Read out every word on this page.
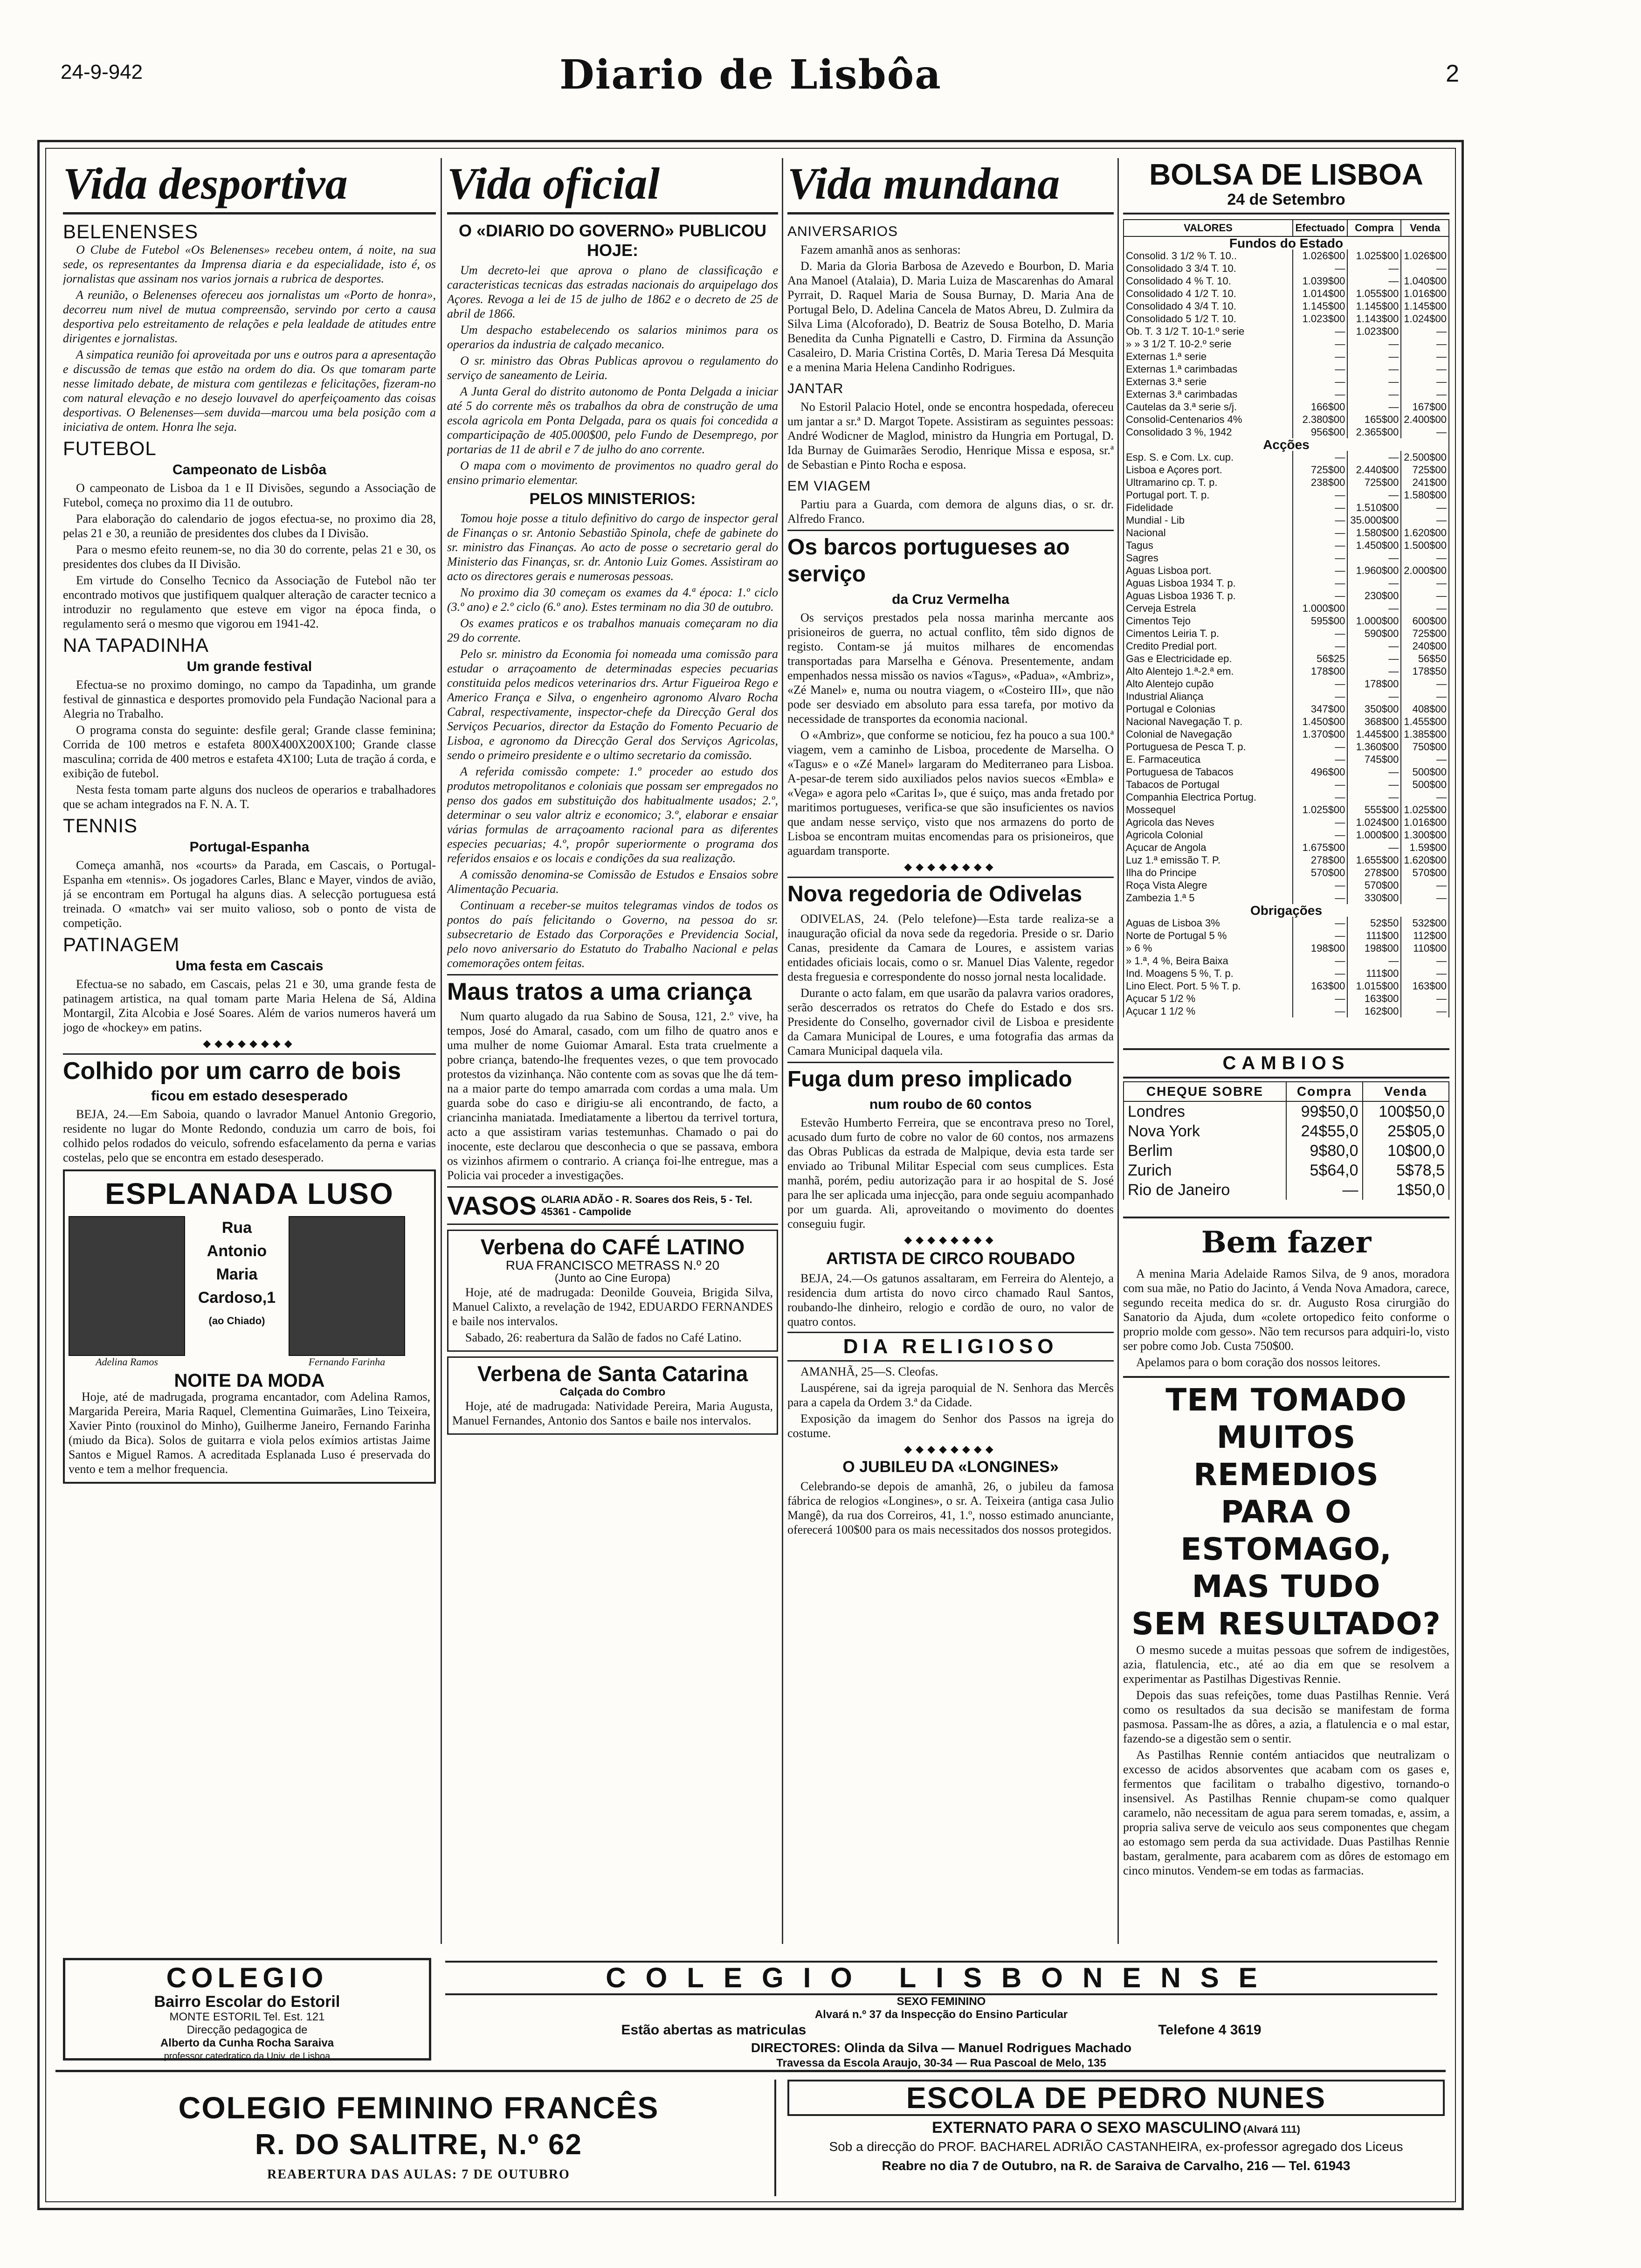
24-9-942	Diario de Lisbôa	2
Vida desportiva
BELENENSES

O Clube de Futebol «Os Belenenses» recebeu ontem, á noite, na sua sede, os representantes da Imprensa diaria e da especialidade, isto é, os jornalistas que assinam nos varios jornais a rubrica de desportes.

A reunião, o Belenenses ofereceu aos jornalistas um «Porto de honra», decorreu num nivel de mutua compreensão, servindo por certo a causa desportiva pelo estreitamento de relações e pela lealdade de atitudes entre dirigentes e jornalistas.

A simpatica reunião foi aproveitada por uns e outros para a apresentação e discussão de temas que estão na ordem do dia. Os que tomaram parte nesse limitado debate, de mistura com gentilezas e felicitações, fizeram-no com natural elevação e no desejo louvavel do aperfeiçoamento das coisas desportivas. O Belenenses—sem duvida—marcou uma bela posição com a iniciativa de ontem. Honra lhe seja.

FUTEBOL
Campeonato de Lisbôa

O campeonato de Lisboa da 1 e II Divisões, segundo a Associação de Futebol, começa no proximo dia 11 de outubro.

Para elaboração do calendario de jogos efectua-se, no proximo dia 28, pelas 21 e 30, a reunião de presidentes dos clubes da I Divisão.

Para o mesmo efeito reunem-se, no dia 30 do corrente, pelas 21 e 30, os presidentes dos clubes da II Divisão.

Em virtude do Conselho Tecnico da Associação de Futebol não ter encontrado motivos que justifiquem qualquer alteração de caracter tecnico a introduzir no regulamento que esteve em vigor na época finda, o regulamento será o mesmo que vigorou em 1941-42.

NA TAPADINHA
Um grande festival

Efectua-se no proximo domingo, no campo da Tapadinha, um grande festival de ginnastica e desportes promovido pela Fundação Nacional para a Alegria no Trabalho.

O programa consta do seguinte: desfile geral; Grande classe feminina; Corrida de 100 metros e estafeta 800X400X200X100; Grande classe masculina; corrida de 400 metros e estafeta 4X100; Luta de tração á corda, e exibição de futebol.

Nesta festa tomam parte alguns dos nucleos de operarios e trabalhadores que se acham integrados na F. N. A. T.

TENNIS
Portugal-Espanha

Começa amanhã, nos «courts» da Parada, em Cascais, o Portugal-Espanha em «tennis». Os jogadores Carles, Blanc e Mayer, vindos de avião, já se encontram em Portugal ha alguns dias. A selecção portuguesa está treinada. O «match» vai ser muito valioso, sob o ponto de vista de competição.

PATINAGEM
Uma festa em Cascais

Efectua-se no sabado, em Cascais, pelas 21 e 30, uma grande festa de patinagem artistica, na qual tomam parte Maria Helena de Sá, Aldina Montargil, Zita Alcobia e José Soares. Além de varios numeros haverá um jogo de «hockey» em patins.

◆◆◆◆◆◆◆◆
Colhido por um carro de bois
ficou em estado desesperado

BEJA, 24.—Em Saboia, quando o lavrador Manuel Antonio Gregorio, residente no lugar do Monte Redondo, conduzia um carro de bois, foi colhido pelos rodados do veiculo, sofrendo esfacelamento da perna e varias costelas, pelo que se encontra em estado desesperado.

ESPLANADA LUSO
Adelina Ramos
Rua
Antonio
Maria
Cardoso,1
(ao Chiado)
Fernando Farinha
NOITE DA MODA

Hoje, até de madrugada, programa encantador, com Adelina Ramos, Margarida Pereira, Maria Raquel, Clementina Guimarães, Lino Teixeira, Xavier Pinto (rouxinol do Minho), Guilherme Janeiro, Fernando Farinha (miudo da Bica). Solos de guitarra e viola pelos exímios artistas Jaime Santos e Miguel Ramos. A acreditada Esplanada Luso é preservada do vento e tem a melhor frequencia.

Vida oficial
O «DIARIO DO GOVERNO» PUBLICOU HOJE:

Um decreto-lei que aprova o plano de classificação e caracteristicas tecnicas das estradas nacionais do arquipelago dos Açores. Revoga a lei de 15 de julho de 1862 e o decreto de 25 de abril de 1866.

Um despacho estabelecendo os salarios minimos para os operarios da industria de calçado mecanico.

O sr. ministro das Obras Publicas aprovou o regulamento do serviço de saneamento de Leiria.

A Junta Geral do distrito autonomo de Ponta Delgada a iniciar até 5 do corrente mês os trabalhos da obra de construção de uma escola agricola em Ponta Delgada, para os quais foi concedida a comparticipação de 405.000$00, pelo Fundo de Desemprego, por portarias de 11 de abril e 7 de julho do ano corrente.

O mapa com o movimento de provimentos no quadro geral do ensino primario elementar.

PELOS MINISTERIOS:

Tomou hoje posse a titulo definitivo do cargo de inspector geral de Finanças o sr. Antonio Sebastião Spinola, chefe de gabinete do sr. ministro das Finanças. Ao acto de posse o secretario geral do Ministerio das Finanças, sr. dr. Antonio Luiz Gomes. Assistiram ao acto os directores gerais e numerosas pessoas.

No proximo dia 30 começam os exames da 4.ª época: 1.º ciclo (3.º ano) e 2.º ciclo (6.º ano). Estes terminam no dia 30 de outubro.

Os exames praticos e os trabalhos manuais começaram no dia 29 do corrente.

Pelo sr. ministro da Economia foi nomeada uma comissão para estudar o arraçoamento de determinadas especies pecuarias constituida pelos medicos veterinarios drs. Artur Figueiroa Rego e Americo França e Silva, o engenheiro agronomo Alvaro Rocha Cabral, respectivamente, inspector-chefe da Direcção Geral dos Serviços Pecuarios, director da Estação do Fomento Pecuario de Lisboa, e agronomo da Direcção Geral dos Serviços Agricolas, sendo o primeiro presidente e o ultimo secretario da comissão.

A referida comissão compete: 1.º proceder ao estudo dos produtos metropolitanos e coloniais que possam ser empregados no penso dos gados em substituição dos habitualmente usados; 2.º, determinar o seu valor altriz e economico; 3.º, elaborar e ensaiar várias formulas de arraçoamento racional para as diferentes especies pecuarias; 4.º, propôr superiormente o programa dos referidos ensaios e os locais e condições da sua realização.

A comissão denomina-se Comissão de Estudos e Ensaios sobre Alimentação Pecuaria.

Continuam a receber-se muitos telegramas vindos de todos os pontos do país felicitando o Governo, na pessoa do sr. subsecretario de Estado das Corporações e Previdencia Social, pelo novo aniversario do Estatuto do Trabalho Nacional e pelas comemorações ontem feitas.

Maus tratos a uma criança

Num quarto alugado da rua Sabino de Sousa, 121, 2.º vive, ha tempos, José do Amaral, casado, com um filho de quatro anos e uma mulher de nome Guiomar Amaral. Esta trata cruelmente a pobre criança, batendo-lhe frequentes vezes, o que tem provocado protestos da vizinhança. Não contente com as sovas que lhe dá tem-na a maior parte do tempo amarrada com cordas a uma mala. Um guarda sobe do caso e dirigiu-se ali encontrando, de facto, a criancinha maniatada. Imediatamente a libertou da terrivel tortura, acto a que assistiram varias testemunhas. Chamado o pai do inocente, este declarou que desconhecia o que se passava, embora os vizinhos afirmem o contrario. A criança foi-lhe entregue, mas a Policia vai proceder a investigações.

VASOS OLARIA ADÃO - R. Soares dos Reis, 5 - Tel. 45361 - Campolide
Verbena do CAFÉ LATINO
RUA FRANCISCO METRASS N.º 20
(Junto ao Cine Europa)

Hoje, até de madrugada: Deonilde Gouveia, Brigida Silva, Manuel Calixto, a revelação de 1942, EDUARDO FERNANDES e baile nos intervalos.

Sabado, 26: reabertura da Salão de fados no Café Latino.

Verbena de Santa Catarina
Calçada do Combro

Hoje, até de madrugada: Natividade Pereira, Maria Augusta, Manuel Fernandes, Antonio dos Santos e baile nos intervalos.

Vida mundana
ANIVERSARIOS

Fazem amanhã anos as senhoras:

D. Maria da Gloria Barbosa de Azevedo e Bourbon, D. Maria Ana Manoel (Atalaia), D. Maria Luiza de Mascarenhas do Amaral Pyrrait, D. Raquel Maria de Sousa Burnay, D. Maria Ana de Portugal Belo, D. Adelina Cancela de Matos Abreu, D. Zulmira da Silva Lima (Alcoforado), D. Beatriz de Sousa Botelho, D. Maria Benedita da Cunha Pignatelli e Castro, D. Firmina da Assunção Casaleiro, D. Maria Cristina Cortês, D. Maria Teresa Dá Mesquita e a menina Maria Helena Candinho Rodrigues.

JANTAR

No Estoril Palacio Hotel, onde se encontra hospedada, ofereceu um jantar a sr.ª D. Margot Topete. Assistiram as seguintes pessoas: André Wodicner de Maglod, ministro da Hungria em Portugal, D. Ida Burnay de Guimarães Serodio, Henrique Missa e esposa, sr.ª de Sebastian e Pinto Rocha e esposa.

EM VIAGEM

Partiu para a Guarda, com demora de alguns dias, o sr. dr. Alfredo Franco.

Os barcos portugueses ao serviço
da Cruz Vermelha

Os serviços prestados pela nossa marinha mercante aos prisioneiros de guerra, no actual conflito, têm sido dignos de registo. Contam-se já muitos milhares de encomendas transportadas para Marselha e Génova. Presentemente, andam empenhados nessa missão os navios «Tagus», «Padua», «Ambriz», «Zé Manel» e, numa ou noutra viagem, o «Costeiro III», que não pode ser desviado em absoluto para essa tarefa, por motivo da necessidade de transportes da economia nacional.

O «Ambriz», que conforme se noticiou, fez ha pouco a sua 100.ª viagem, vem a caminho de Lisboa, procedente de Marselha. O «Tagus» e o «Zé Manel» largaram do Mediterraneo para Lisboa. A-pesar-de terem sido auxiliados pelos navios suecos «Embla» e «Vega» e agora pelo «Caritas I», que é suiço, mas anda fretado por maritimos portugueses, verifica-se que são insuficientes os navios que andam nesse serviço, visto que nos armazens do porto de Lisboa se encontram muitas encomendas para os prisioneiros, que aguardam transporte.

◆◆◆◆◆◆◆◆
Nova regedoria de Odivelas

ODIVELAS, 24. (Pelo telefone)—Esta tarde realiza-se a inauguração oficial da nova sede da regedoria. Preside o sr. Dario Canas, presidente da Camara de Loures, e assistem varias entidades oficiais locais, como o sr. Manuel Dias Valente, regedor desta freguesia e correspondente do nosso jornal nesta localidade.

Durante o acto falam, em que usarão da palavra varios oradores, serão descerrados os retratos do Chefe do Estado e dos srs. Presidente do Conselho, governador civil de Lisboa e presidente da Camara Municipal de Loures, e uma fotografia das armas da Camara Municipal daquela vila.

Fuga dum preso implicado
num roubo de 60 contos

Estevão Humberto Ferreira, que se encontrava preso no Torel, acusado dum furto de cobre no valor de 60 contos, nos armazens das Obras Publicas da estrada de Malpique, devia esta tarde ser enviado ao Tribunal Militar Especial com seus cumplices. Esta manhã, porém, pediu autorização para ir ao hospital de S. José para lhe ser aplicada uma injecção, para onde seguiu acompanhado por um guarda. Ali, aproveitando o movimento do doentes conseguiu fugir.

◆◆◆◆◆◆◆◆
ARTISTA DE CIRCO ROUBADO

BEJA, 24.—Os gatunos assaltaram, em Ferreira do Alentejo, a residencia dum artista do novo circo chamado Raul Santos, roubando-lhe dinheiro, relogio e cordão de ouro, no valor de quatro contos.

DIA RELIGIOSO

AMANHÃ, 25—S. Cleofas.

Lauspérene, sai da igreja paroquial de N. Senhora das Mercês para a capela da Ordem 3.ª da Cidade.

Exposição da imagem do Senhor dos Passos na igreja do costume.

◆◆◆◆◆◆◆◆
O JUBILEU DA «LONGINES»

Celebrando-se depois de amanhã, 26, o jubileu da famosa fábrica de relogios «Longines», o sr. A. Teixeira (antiga casa Julio Mangê), da rua dos Correiros, 41, 1.º, nosso estimado anunciante, oferecerá 100$00 para os mais necessitados dos nossos protegidos.

BOLSA DE LISBOA
24 de Setembro
VALORES	Efectuado	Compra	Venda
Fundos do Estado			
Consolid. 3 1/2 % T. 10..	1.026$00	1.025$00	1.026$00
Consolidado 3 3/4 T. 10.	—	—	—
Consolidado 4 % T. 10.	1.039$00	—	1.040$00
Consolidado 4 1/2 T. 10.	1.014$00	1.055$00	1.016$00
Consolidado 4 3/4 T. 10.	1.145$00	1.145$00	1.145$00
Consolidado 5 1/2 T. 10.	1.023$00	1.143$00	1.024$00
Ob. T. 3 1/2 T. 10-1.º serie	—	1.023$00	—
» » 3 1/2 T. 10-2.º serie	—	—	—
Externas 1.ª serie	—	—	—
Externas 1.ª carimbadas	—	—	—
Externas 3.ª serie	—	—	—
Externas 3.ª carimbadas	—	—	—
Cautelas da 3.ª serie s/j.	166$00	—	167$00
Consolid-Centenarios 4%	2.380$00	165$00	2.400$00
Consolidado 3 %, 1942	956$00	2.365$00	—
Acções			
Esp. S. e Com. Lx. cup.	—	—	2.500$00
Lisboa e Açores port.	725$00	2.440$00	725$00
Ultramarino cp. T. p.	238$00	725$00	241$00
Portugal port. T. p.	—	—	1.580$00
Fidelidade	—	1.510$00	—
Mundial - Lib	—	35.000$00	—
Nacional	—	1.580$00	1.620$00
Tagus	—	1.450$00	1.500$00
Sagres	—	—	—
Aguas Lisboa port.	—	1.960$00	2.000$00
Aguas Lisboa 1934 T. p.	—	—	—
Aguas Lisboa 1936 T. p.	—	230$00	—
Cerveja Estrela	1.000$00	—	—
Cimentos Tejo	595$00	1.000$00	600$00
Cimentos Leiria T. p.	—	590$00	725$00
Credito Predial port.	—	—	240$00
Gas e Electricidade ep.	56$25	—	56$50
Alto Alentejo 1.ª-2.ª em.	178$00	—	178$50
Alto Alentejo cupão	—	178$00	—
Industrial Aliança	—	—	—
Portugal e Colonias	347$00	350$00	408$00
Nacional Navegação T. p.	1.450$00	368$00	1.455$00
Colonial de Navegação	1.370$00	1.445$00	1.385$00
Portuguesa de Pesca T. p.	—	1.360$00	750$00
E. Farmaceutica	—	745$00	—
Portuguesa de Tabacos	496$00	—	500$00
Tabacos de Portugal	—	—	500$00
Companhia Electrica Portug.	—	—	—
Mossequel	1.025$00	555$00	1.025$00
Agricola das Neves	—	1.024$00	1.016$00
Agricola Colonial	—	1.000$00	1.300$00
Açucar de Angola	1.675$00	—	1.59$00
Luz 1.ª emissão T. P.	278$00	1.655$00	1.620$00
Ilha do Principe	570$00	278$00	570$00
Roça Vista Alegre	—	570$00	—
Zambezia 1.ª 5	—	330$00	—
Obrigações			
Aguas de Lisboa 3%	—	52$50	532$00
Norte de Portugal 5 %	—	111$00	112$00
» 6 %	198$00	198$00	110$00
» 1.ª, 4 %, Beira Baixa	—	—	—
Ind. Moagens 5 %, T. p.	—	111$00	—
Lino Elect. Port. 5 % T. p.	163$00	1.015$00	163$00
Açucar 5 1/2 %	—	163$00	—
Açucar 1 1/2 %	—	162$00	—
CAMBIOS
CHEQUE SOBRE	Compra	Venda
Londres	99$50,0	100$50,0
Nova York	24$55,0	25$05,0
Berlim	9$80,0	10$00,0
Zurich	5$64,0	5$78,5
Rio de Janeiro	—	1$50,0
Bem fazer

A menina Maria Adelaide Ramos Silva, de 9 anos, moradora com sua mãe, no Patio do Jacinto, á Venda Nova Amadora, carece, segundo receita medica do sr. dr. Augusto Rosa cirurgião do Sanatorio da Ajuda, dum «colete ortopedico feito conforme o proprio molde com gesso». Não tem recursos para adquiri-lo, visto ser pobre como Job. Custa 750$00.

Apelamos para o bom coração dos nossos leitores.

TEM TOMADO MUITOS
REMEDIOS
PARA O ESTOMAGO,
MAS TUDO
SEM RESULTADO?

O mesmo sucede a muitas pessoas que sofrem de indigestões, azia, flatulencia, etc., até ao dia em que se resolvem a experimentar as Pastilhas Digestivas Rennie.

Depois das suas refeições, tome duas Pastilhas Rennie. Verá como os resultados da sua decisão se manifestam de forma pasmosa. Passam-lhe as dôres, a azia, a flatulencia e o mal estar, fazendo-se a digestão sem o sentir.

As Pastilhas Rennie contém antiacidos que neutralizam o excesso de acidos absorventes que acabam com os gases e, fermentos que facilitam o trabalho digestivo, tornando-o insensivel. As Pastilhas Rennie chupam-se como qualquer caramelo, não necessitam de agua para serem tomadas, e, assim, a propria saliva serve de veiculo aos seus componentes que chegam ao estomago sem perda da sua actividade. Duas Pastilhas Rennie bastam, geralmente, para acabarem com as dôres de estomago em cinco minutos. Vendem-se em todas as farmacias.

COLEGIO
Bairro Escolar do Estoril
MONTE ESTORIL Tel. Est. 121
Direcção pedagogica de
Alberto da Cunha Rocha Saraiva
professor catedratico da Univ. de Lisboa
COLEGIO LISBONENSE
SEXO FEMININO
Alvará n.º 37 da Inspecção do Ensino Particular
Estão abertas as matriculas	Telefone 4 3619
DIRECTORES: Olinda da Silva — Manuel Rodrigues Machado
Travessa da Escola Araujo, 30-34 — Rua Pascoal de Melo, 135
COLEGIO FEMININO FRANCÊS
R. DO SALITRE, N.º 62
REABERTURA DAS AULAS: 7 DE OUTUBRO
ESCOLA DE PEDRO NUNES
EXTERNATO PARA O SEXO MASCULINO (Alvará 111)
Sob a direcção do PROF. BACHAREL ADRIÃO CASTANHEIRA, ex-professor agregado dos Liceus
Reabre no dia 7 de Outubro, na R. de Saraiva de Carvalho, 216 — Tel. 61943
